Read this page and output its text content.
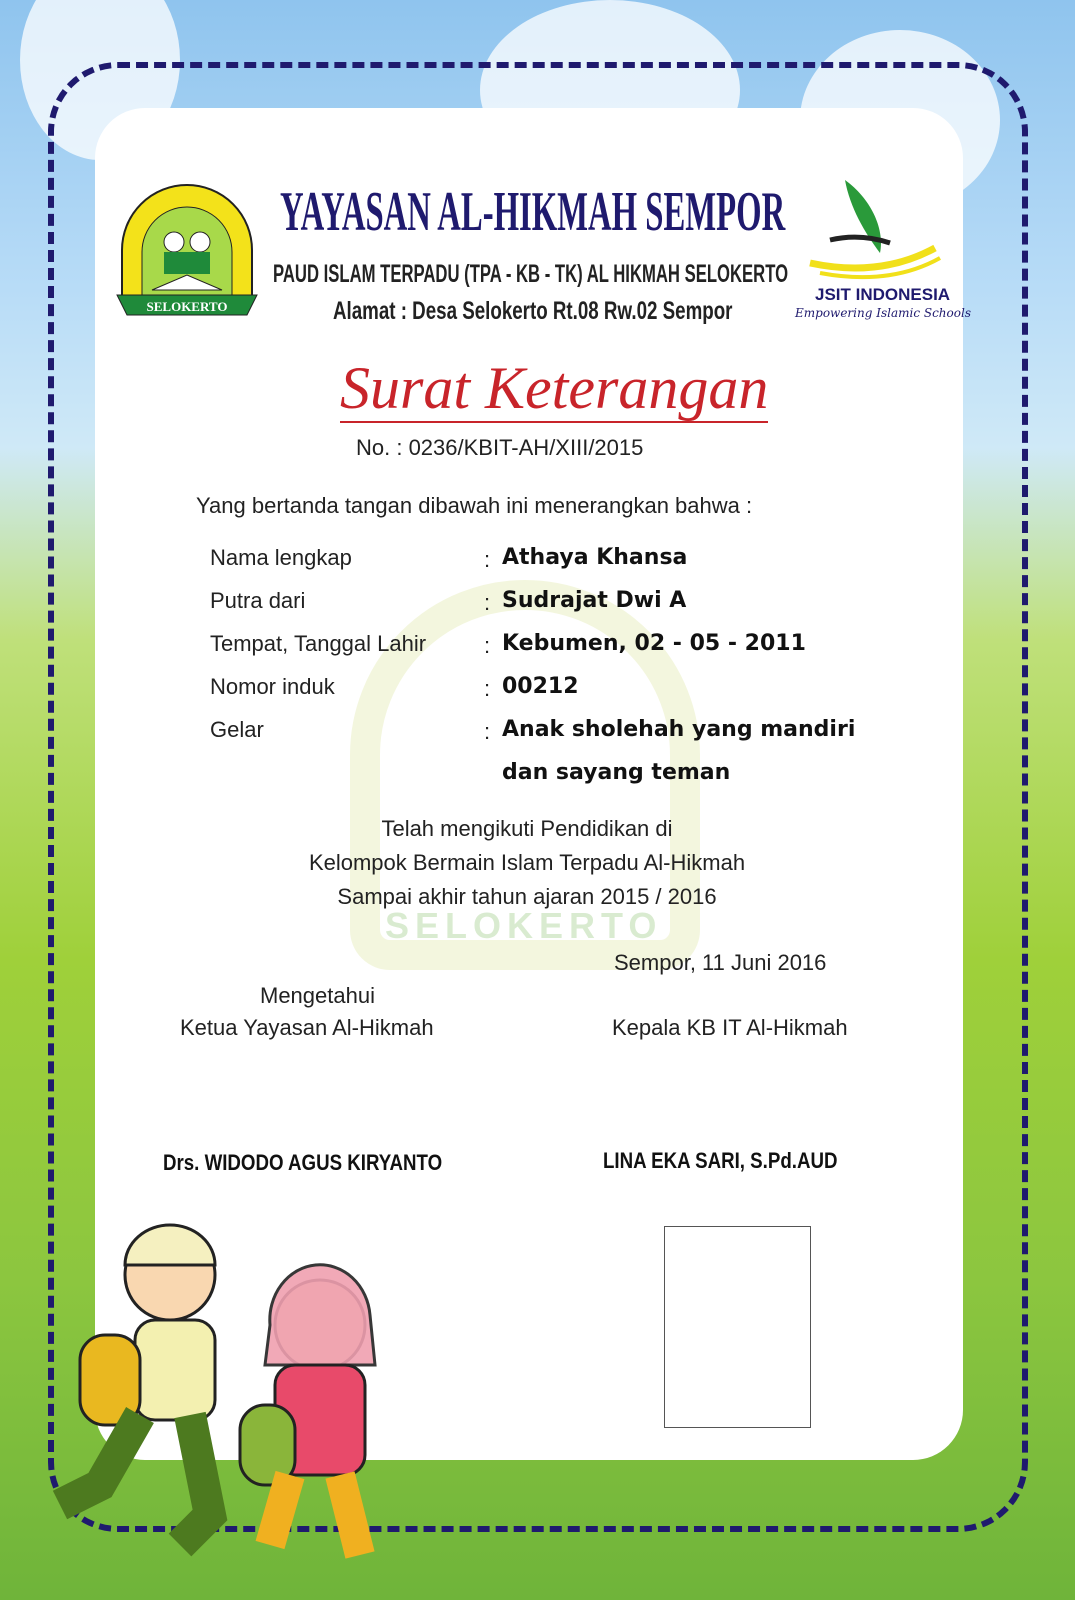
SELOKERTO
SELOKERTO
YAYASAN AL-HIKMAH SEMPOR
PAUD ISLAM TERPADU (TPA - KB - TK) AL HIKMAH SELOKERTO
Alamat : Desa Selokerto Rt.08 Rw.02 Sempor
JSIT INDONESIA
Empowering Islamic Schools
Surat Keterangan
No. : 0236/KBIT-AH/XIII/2015
Yang bertanda tangan dibawah ini menerangkan bahwa :
Nama lengkap	: Athaya Khansa
Putra dari	: Sudrajat Dwi A
Tempat, Tanggal Lahir	: Kebumen, 02 - 05 - 2011
Nomor induk	: 00212
Gelar	: Anak sholehah yang mandiri
dan sayang teman
Telah mengikuti Pendidikan di
Kelompok Bermain Islam Terpadu Al-Hikmah
Sampai akhir tahun ajaran 2015 / 2016
Sempor, 11 Juni 2016
Mengetahui
Ketua Yayasan Al-Hikmah	Kepala KB IT Al-Hikmah
Drs. WIDODO AGUS KIRYANTO	LINA EKA SARI, S.Pd.AUD
